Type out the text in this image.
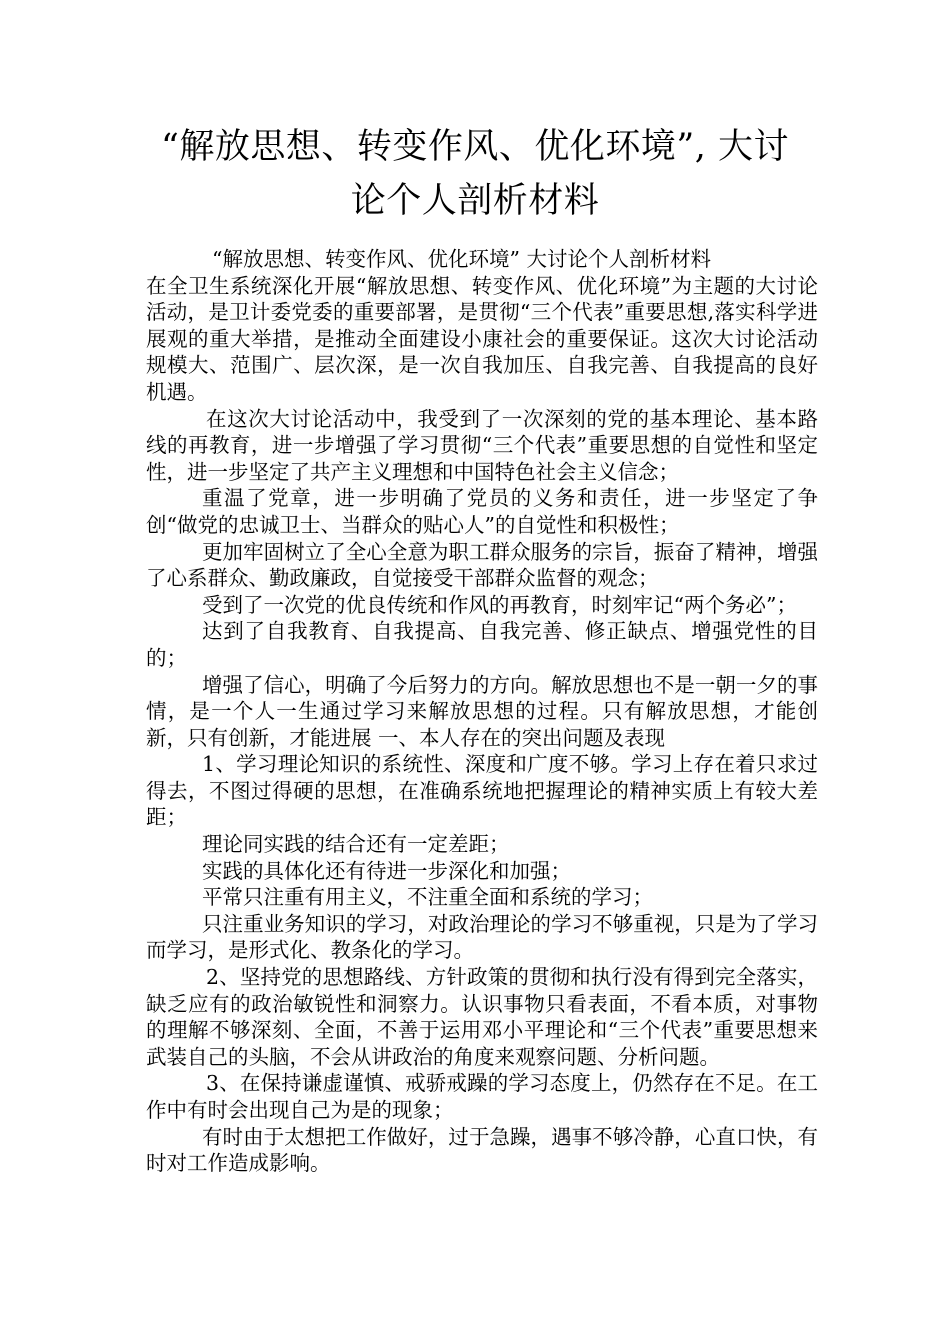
“解放思想、转变作风、优化环境”, 大讨
论个人剖析材料

“解放思想、转变作风、优化环境” 大讨论个人剖析材料

在全卫生系统深化开展“解放思想、转变作风、优化环境”为主题的大讨论活动，是卫计委党委的重要部署，是贯彻“三个代表”重要思想,落实科学进展观的重大举措，是推动全面建设小康社会的重要保证。这次大讨论活动规模大、范围广、层次深，是一次自我加压、自我完善、自我提高的良好机遇。

在这次大讨论活动中，我受到了一次深刻的党的基本理论、基本路线的再教育，进一步增强了学习贯彻“三个代表”重要思想的自觉性和坚定性，进一步坚定了共产主义理想和中国特色社会主义信念；

重温了党章，进一步明确了党员的义务和责任，进一步坚定了争创“做党的忠诚卫士、当群众的贴心人”的自觉性和积极性；

更加牢固树立了全心全意为职工群众服务的宗旨，振奋了精神，增强了心系群众、勤政廉政，自觉接受干部群众监督的观念；

受到了一次党的优良传统和作风的再教育，时刻牢记“两个务必”；

达到了自我教育、自我提高、自我完善、修正缺点、增强党性的目的；

增强了信心，明确了今后努力的方向。解放思想也不是一朝一夕的事情，是一个人一生通过学习来解放思想的过程。只有解放思想，才能创新，只有创新，才能进展 一、本人存在的突出问题及表现

1、学习理论知识的系统性、深度和广度不够。学习上存在着只求过得去，不图过得硬的思想，在准确系统地把握理论的精神实质上有较大差距；

理论同实践的结合还有一定差距；

实践的具体化还有待进一步深化和加强；

平常只注重有用主义，不注重全面和系统的学习；

只注重业务知识的学习，对政治理论的学习不够重视，只是为了学习而学习，是形式化、教条化的学习。

2、坚持党的思想路线、方针政策的贯彻和执行没有得到完全落实，缺乏应有的政治敏锐性和洞察力。认识事物只看表面，不看本质，对事物的理解不够深刻、全面，不善于运用邓小平理论和“三个代表”重要思想来武装自己的头脑，不会从讲政治的角度来观察问题、分析问题。

3、在保持谦虚谨慎、戒骄戒躁的学习态度上，仍然存在不足。在工作中有时会出现自己为是的现象；

有时由于太想把工作做好，过于急躁，遇事不够冷静，心直口快，有时对工作造成影响。
